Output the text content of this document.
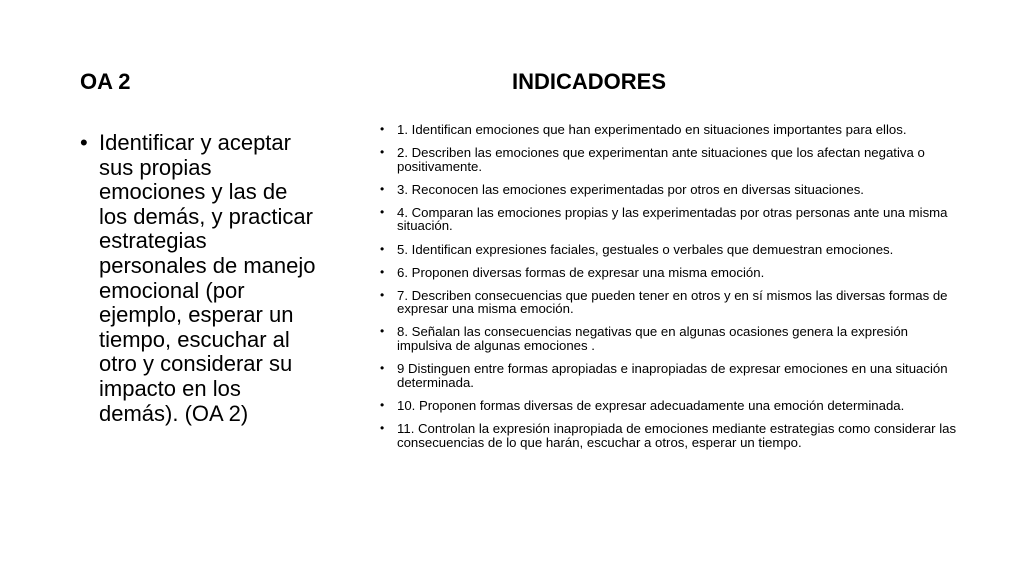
OA 2	INDICADORES
• Identificar y aceptar sus propias emociones y las de los demás, y practicar estrategias personales de manejo emocional (por ejemplo, esperar un tiempo, escuchar al otro y considerar su impacto en los demás). (OA 2)
• 1. Identifican emociones que han experimentado en situaciones importantes para ellos.
• 2. Describen las emociones que experimentan ante situaciones que los afectan negativa o positivamente.
• 3. Reconocen las emociones experimentadas por otros en diversas situaciones.
• 4. Comparan las emociones propias y las experimentadas por otras personas ante una misma situación.
• 5. Identifican expresiones faciales, gestuales o verbales que demuestran emociones.
• 6. Proponen diversas formas de expresar una misma emoción.
• 7. Describen consecuencias que pueden tener en otros y en sí mismos las diversas formas de expresar una misma emoción.
• 8. Señalan las consecuencias negativas que en algunas ocasiones genera la expresión impulsiva de algunas emociones .
• 9 Distinguen entre formas apropiadas e inapropiadas de expresar emociones en una situación determinada.
• 10. Proponen formas diversas de expresar adecuadamente una emoción determinada.
• 11. Controlan la expresión inapropiada de emociones mediante estrategias como considerar las consecuencias de lo que harán, escuchar a otros, esperar un tiempo.
